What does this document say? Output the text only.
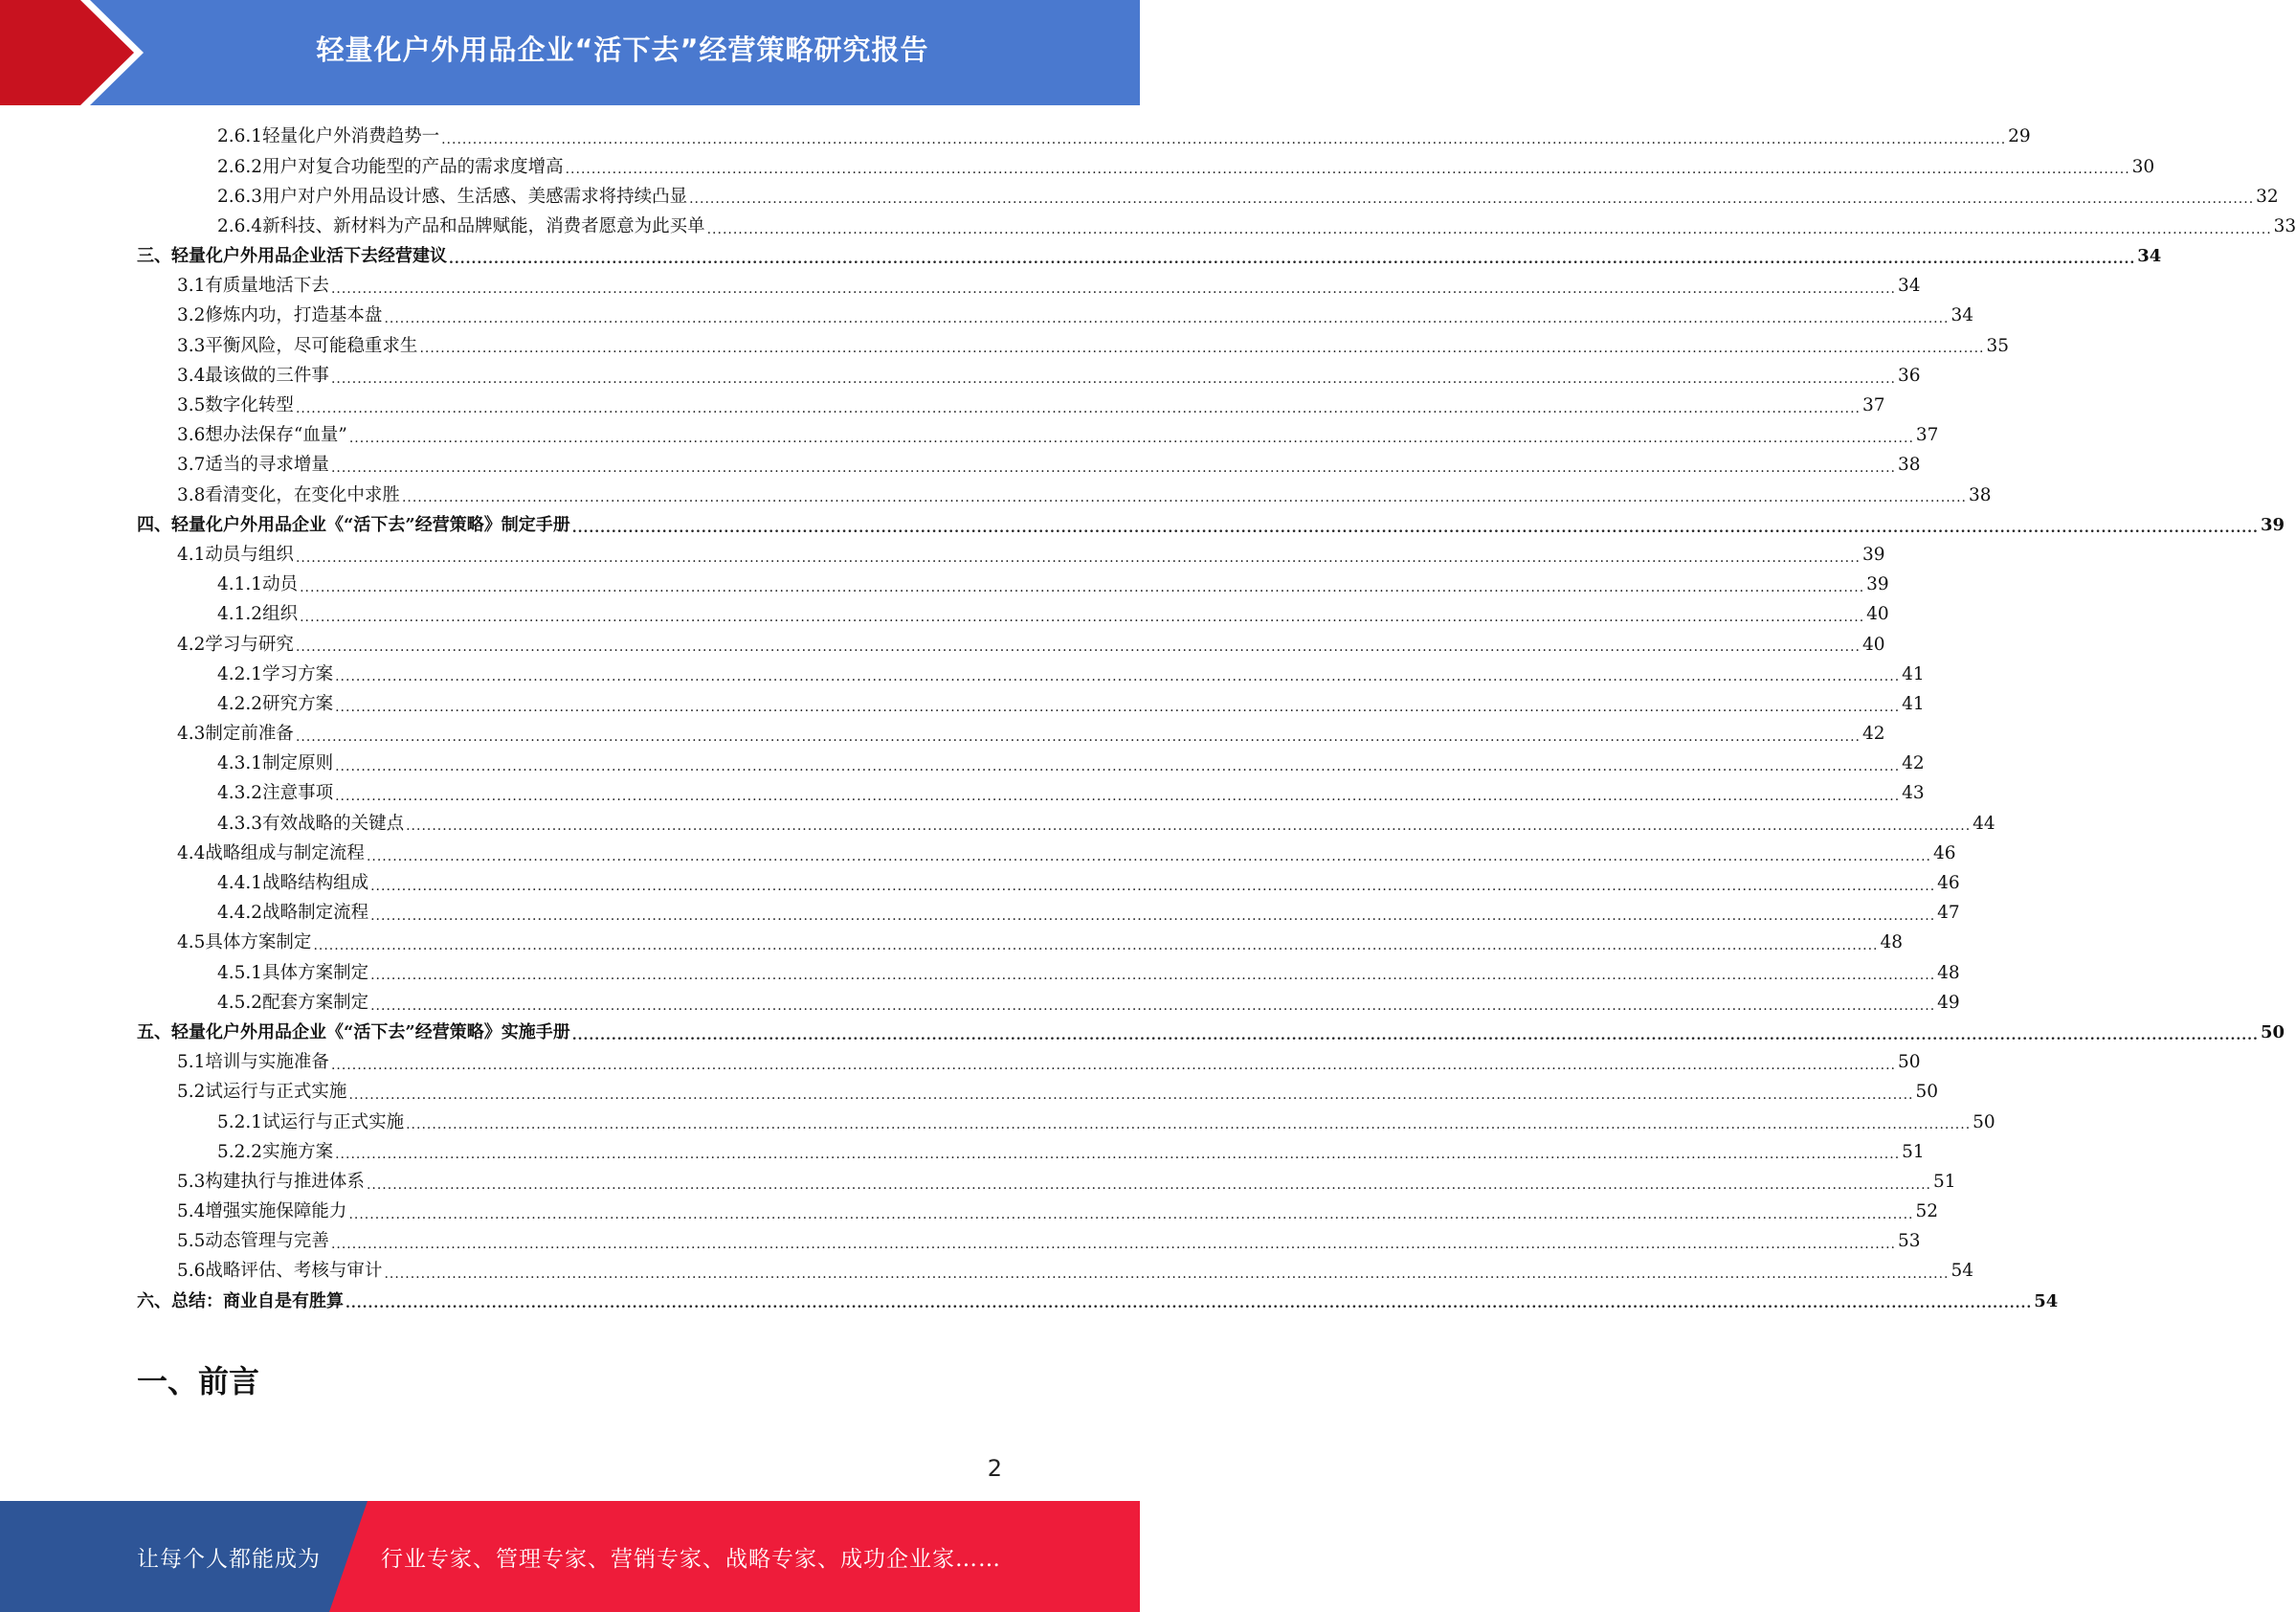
轻量化户外用品企业“活下去”经营策略研究报告
2.6.1 轻量化户外消费趋势一 ............................................................................................................................................................................................................................................................................................................ 29
2.6.2 用户对复合功能型的产品的需求度增高 ............................................................................................................................................................................................................................................................................................................ 30
2.6.3 用户对户外用品设计感、生活感、美感需求将持续凸显 ............................................................................................................................................................................................................................................................................................................ 32
2.6.4 新科技、新材料为产品和品牌赋能，消费者愿意为此买单 ............................................................................................................................................................................................................................................................................................................ 33
三、轻量化户外用品企业活下去经营建议 ............................................................................................................................................................................................................................................................................................................ 34
3.1 有质量地活下去 ............................................................................................................................................................................................................................................................................................................ 34
3.2 修炼内功，打造基本盘 ............................................................................................................................................................................................................................................................................................................ 34
3.3 平衡风险，尽可能稳重求生 ............................................................................................................................................................................................................................................................................................................ 35
3.4 最该做的三件事 ............................................................................................................................................................................................................................................................................................................ 36
3.5 数字化转型 ............................................................................................................................................................................................................................................................................................................ 37
3.6 想办法保存“血量” ............................................................................................................................................................................................................................................................................................................ 37
3.7 适当的寻求增量 ............................................................................................................................................................................................................................................................................................................ 38
3.8 看清变化，在变化中求胜 ............................................................................................................................................................................................................................................................................................................ 38
四、轻量化户外用品企业《“活下去”经营策略》制定手册 ............................................................................................................................................................................................................................................................................................................ 39
4.1 动员与组织 ............................................................................................................................................................................................................................................................................................................ 39
4.1.1 动员 ............................................................................................................................................................................................................................................................................................................ 39
4.1.2 组织 ............................................................................................................................................................................................................................................................................................................ 40
4.2 学习与研究 ............................................................................................................................................................................................................................................................................................................ 40
4.2.1 学习方案 ............................................................................................................................................................................................................................................................................................................ 41
4.2.2 研究方案 ............................................................................................................................................................................................................................................................................................................ 41
4.3 制定前准备 ............................................................................................................................................................................................................................................................................................................ 42
4.3.1 制定原则 ............................................................................................................................................................................................................................................................................................................ 42
4.3.2 注意事项 ............................................................................................................................................................................................................................................................................................................ 43
4.3.3 有效战略的关键点 ............................................................................................................................................................................................................................................................................................................ 44
4.4 战略组成与制定流程 ............................................................................................................................................................................................................................................................................................................ 46
4.4.1 战略结构组成 ............................................................................................................................................................................................................................................................................................................ 46
4.4.2 战略制定流程 ............................................................................................................................................................................................................................................................................................................ 47
4.5 具体方案制定 ............................................................................................................................................................................................................................................................................................................ 48
4.5.1 具体方案制定 ............................................................................................................................................................................................................................................................................................................ 48
4.5.2 配套方案制定 ............................................................................................................................................................................................................................................................................................................ 49
五、轻量化户外用品企业《“活下去”经营策略》实施手册 ............................................................................................................................................................................................................................................................................................................ 50
5.1 培训与实施准备 ............................................................................................................................................................................................................................................................................................................ 50
5.2 试运行与正式实施 ............................................................................................................................................................................................................................................................................................................ 50
5.2.1 试运行与正式实施 ............................................................................................................................................................................................................................................................................................................ 50
5.2.2 实施方案 ............................................................................................................................................................................................................................................................................................................ 51
5.3 构建执行与推进体系 ............................................................................................................................................................................................................................................................................................................ 51
5.4 增强实施保障能力 ............................................................................................................................................................................................................................................................................................................ 52
5.5 动态管理与完善 ............................................................................................................................................................................................................................................................................................................ 53
5.6 战略评估、考核与审计 ............................................................................................................................................................................................................................................................................................................ 54
六、总结：商业自是有胜算 ............................................................................................................................................................................................................................................................................................................ 54
一、前言
2
让每个人都能成为	行业专家、管理专家、营销专家、战略专家、成功企业家……
